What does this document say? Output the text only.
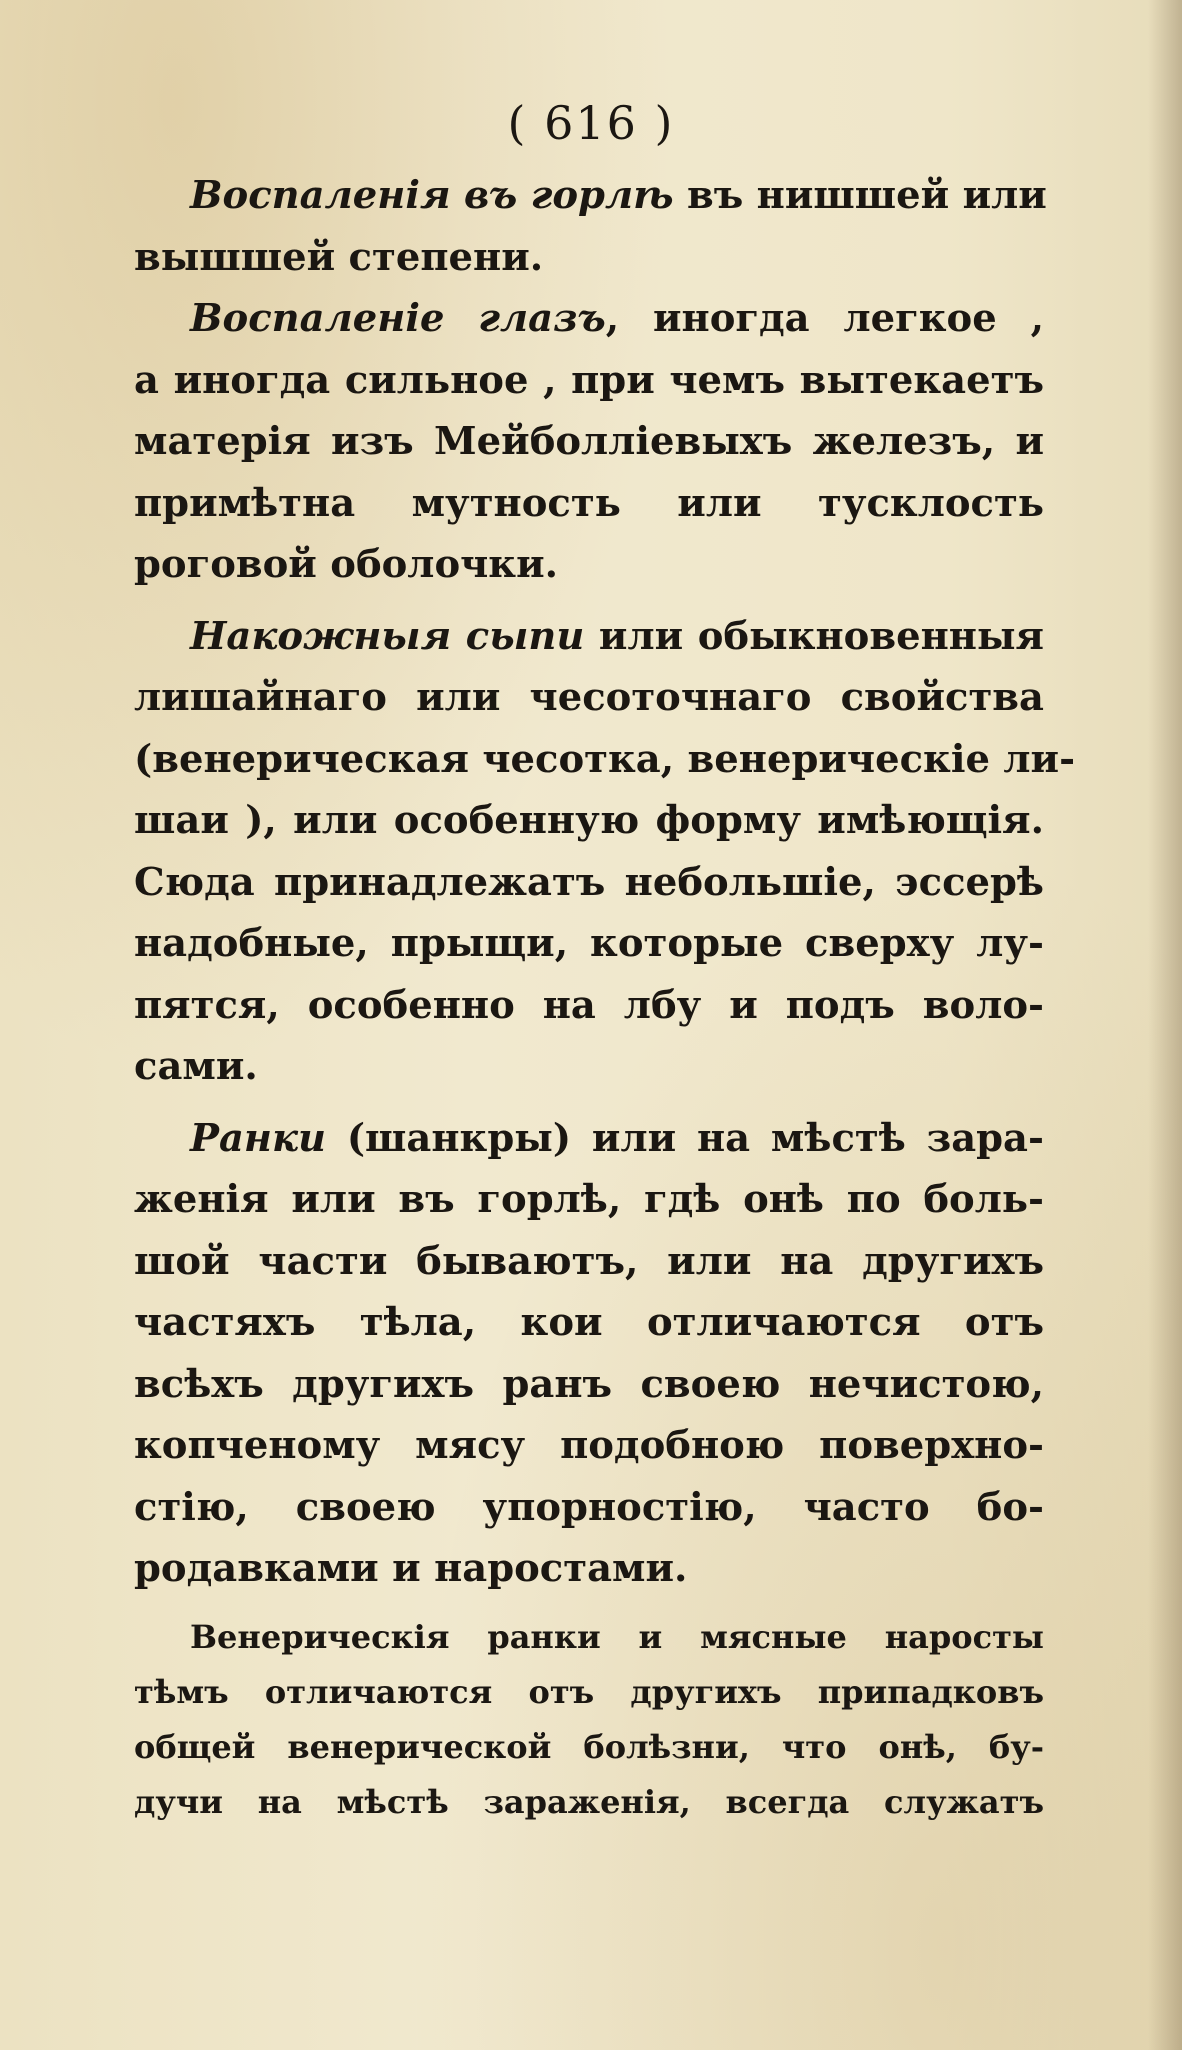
( 616 )
Воспаленія въ горлѣ въ нишшей или
вышшей степени.
Воспаленіе глазъ, иногда легкое ,
а иногда сильное , при чемъ вытекаетъ
матерія изъ Мейболліевыхъ железъ, и
примѣтна мутность или тусклость
роговой оболочки.
Накожныя сыпи или обыкновенныя
лишайнаго или чесоточнаго свойства
(венерическая чесотка, венерическіе ли-
шаи ), или особенную форму имѣющія.
Сюда принадлежатъ небольшіе, эссерѣ
надобные, прыщи, которые сверху лу-
пятся, особенно на лбу и подъ воло-
сами.
Ранки (шанкры) или на мѣстѣ зара-
женія или въ горлѣ, гдѣ онѣ по боль-
шой части бываютъ, или на другихъ
частяхъ тѣла, кои отличаются отъ
всѣхъ другихъ ранъ своею нечистою,
копченому мясу подобною поверхно-
стію, своею упорностію, часто бо-
родавками и наростами.
Венерическія ранки и мясные наросты
тѣмъ отличаются отъ другихъ припадковъ
общей венерической болѣзни, что онѣ, бу-
дучи на мѣстѣ зараженія, всегда служатъ
